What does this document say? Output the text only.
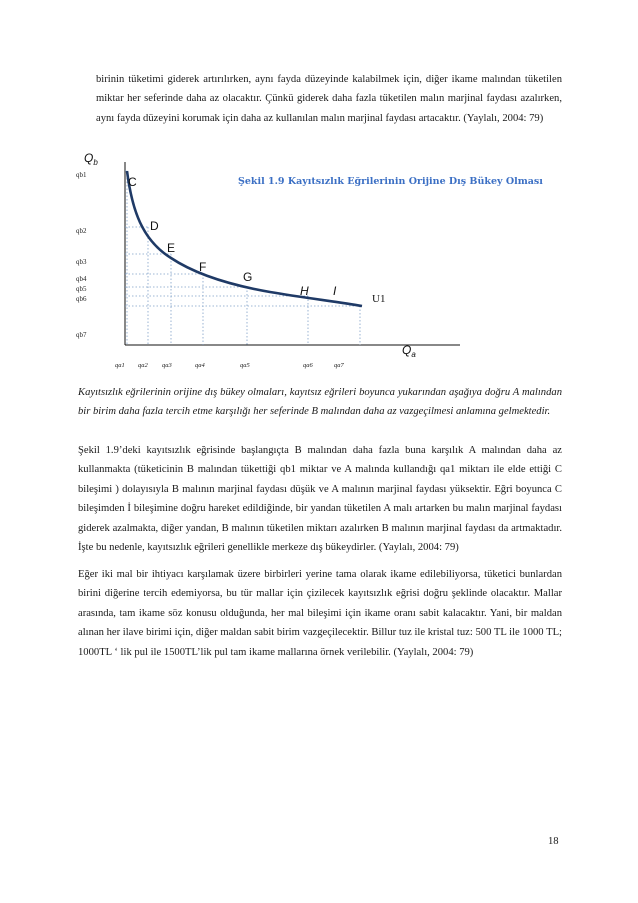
birinin tüketimi giderek artırılırken, aynı fayda düzeyinde kalabilmek için, diğer ikame malından tüketilen miktar her seferinde daha az olacaktır. Çünkü giderek daha fazla tüketilen malın marjinal faydası azalırken, aynı fayda düzeyini korumak için daha az kullanılan malın marjinal faydası artacaktır. (Yaylalı, 2004: 79)

$Q_b$
$Q_a$
Şekil 1.9 Kayıtsızlık Eğrilerinin Orijine Dış Bükey Olması
qb1
qb2
qb3
qb4
qb5
qb6
qb7
qa1 qa2 qa3	qa4	qa5	qa6	qa7
C
D
E
F
G
H I
U1

Kayıtsızlık eğrilerinin orijine dış bükey olmaları, kayıtsız eğrileri boyunca yukarından aşağıya doğru A malından bir birim daha fazla tercih etme karşılığı her seferinde B malından daha az vazgeçilmesi anlamına gelmektedir.

Şekil 1.9’deki kayıtsızlık eğrisinde başlangıçta B malından daha fazla buna karşılık A malından daha az kullanmakta (tüketicinin B malından tükettiği qb1 miktar ve A malında kullandığı qa1 miktarı ile elde ettiği C bileşimi ) dolayısıyla B malının marjinal faydası düşük ve A malının marjinal faydası yüksektir. Eğri boyunca C bileşimden İ bileşimine doğru hareket edildiğinde, bir yandan tüketilen A malı artarken bu malın marjinal faydası giderek azalmakta, diğer yandan, B malının tüketilen miktarı azalırken B malının marjinal faydası da artmaktadır. İşte bu nedenle, kayıtsızlık eğrileri genellikle merkeze dış bükeydirler. (Yaylalı, 2004: 79)

Eğer iki mal bir ihtiyacı karşılamak üzere birbirleri yerine tama olarak ikame edilebiliyorsa, tüketici bunlardan birini diğerine tercih edemiyorsa, bu tür mallar için çizilecek kayıtsızlık eğrisi doğru şeklinde olacaktır. Mallar arasında, tam ikame söz konusu olduğunda, her mal bileşimi için ikame oranı sabit kalacaktır. Yani, bir maldan alınan her ilave birimi için, diğer maldan sabit birim vazgeçilecektir. Billur tuz ile kristal tuz: 500 TL ile 1000 TL; 1000TL ‘ lik pul ile 1500TL’lik pul tam ikame mallarına örnek verilebilir. (Yaylalı, 2004: 79)

18
